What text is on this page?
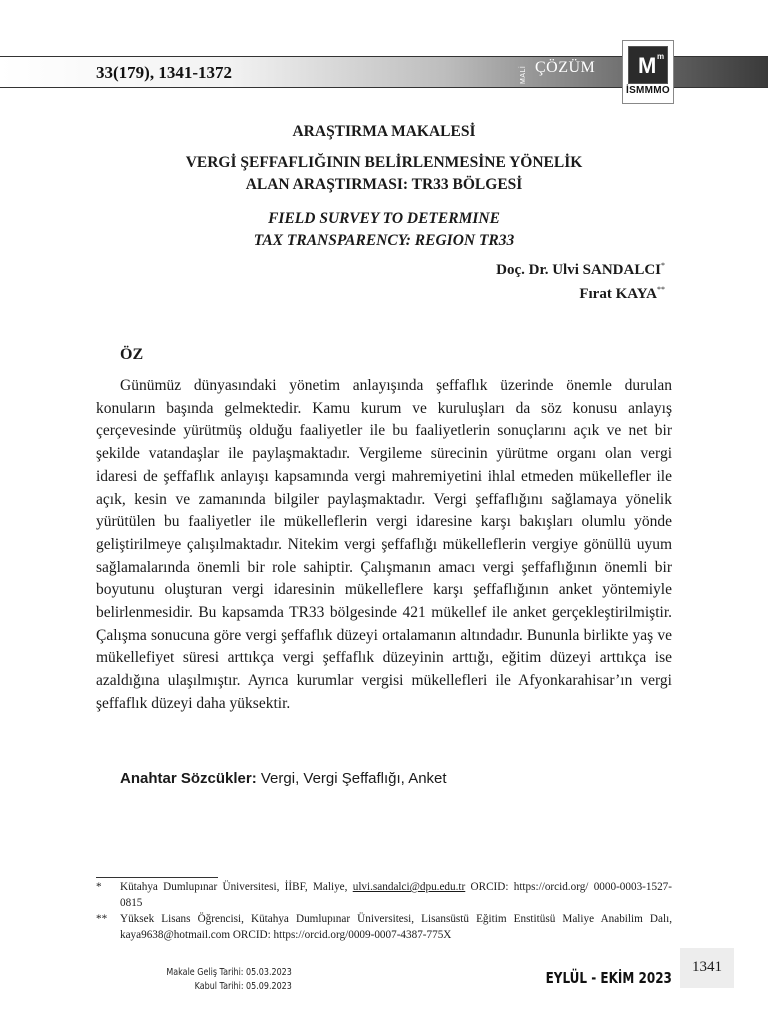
33(179), 1341-1372	MALİ ÇÖZÜM M m
İSMMMO
ARAŞTIRMA MAKALESİ
VERGİ ŞEFFAFLIĞININ BELİRLENMESİNE YÖNELİK
ALAN ARAŞTIRMASI: TR33 BÖLGESİ
FIELD SURVEY TO DETERMINE
TAX TRANSPARENCY: REGION TR33
Doç. Dr. Ulvi SANDALCI*
Fırat KAYA**
ÖZ

Günümüz dünyasındaki yönetim anlayışında şeffaflık üzerinde önemle durulan konuların başında gelmektedir. Kamu kurum ve kuruluşları da söz konusu anlayış çerçevesinde yürütmüş olduğu faaliyetler ile bu faaliyetlerin sonuçlarını açık ve net bir şekilde vatandaşlar ile paylaşmaktadır. Vergileme sürecinin yürütme organı olan vergi idaresi de şeffaflık anlayışı kapsamında vergi mahremiyetini ihlal etmeden mükellefler ile açık, kesin ve zamanında bilgiler paylaşmaktadır. Vergi şeffaflığını sağlamaya yönelik yürütülen bu faaliyetler ile mükelleflerin vergi idaresine karşı bakışları olumlu yönde geliştirilmeye çalışılmaktadır. Nitekim vergi şeffaflığı mükelleflerin vergiye gönüllü uyum sağlamalarında önemli bir role sahiptir. Çalışmanın amacı vergi şeffaflığının önemli bir boyutunu oluşturan vergi idaresinin mükelleflere karşı şeffaflığının anket yöntemiyle belirlenmesidir. Bu kapsamda TR33 bölgesinde 421 mükellef ile anket gerçekleştirilmiştir. Çalışma sonucuna göre vergi şeffaflık düzeyi ortalamanın altındadır. Bununla birlikte yaş ve mükellefiyet süresi arttıkça vergi şeffaflık düzeyinin arttığı, eğitim düzeyi arttıkça ise azaldığına ulaşılmıştır. Ayrıca kurumlar vergisi mükellefleri ile Afyonkarahisar’ın vergi şeffaflık düzeyi daha yüksektir.

Anahtar Sözcükler: Vergi, Vergi Şeffaflığı, Anket
* Kütahya Dumlupınar Üniversitesi, İİBF, Maliye, ulvi.sandalci@dpu.edu.tr ORCID: https://orcid.org/ 0000-0003-1527-0815
** Yüksek Lisans Öğrencisi, Kütahya Dumlupınar Üniversitesi, Lisansüstü Eğitim Enstitüsü Maliye Anabilim Dalı, kaya9638@hotmail.com ORCID: https://orcid.org/0009-0007-4387-775X
1341
Makale Geliş Tarihi: 05.03.2023
Kabul Tarihi: 05.09.2023	EYLÜL - EKİM 2023
